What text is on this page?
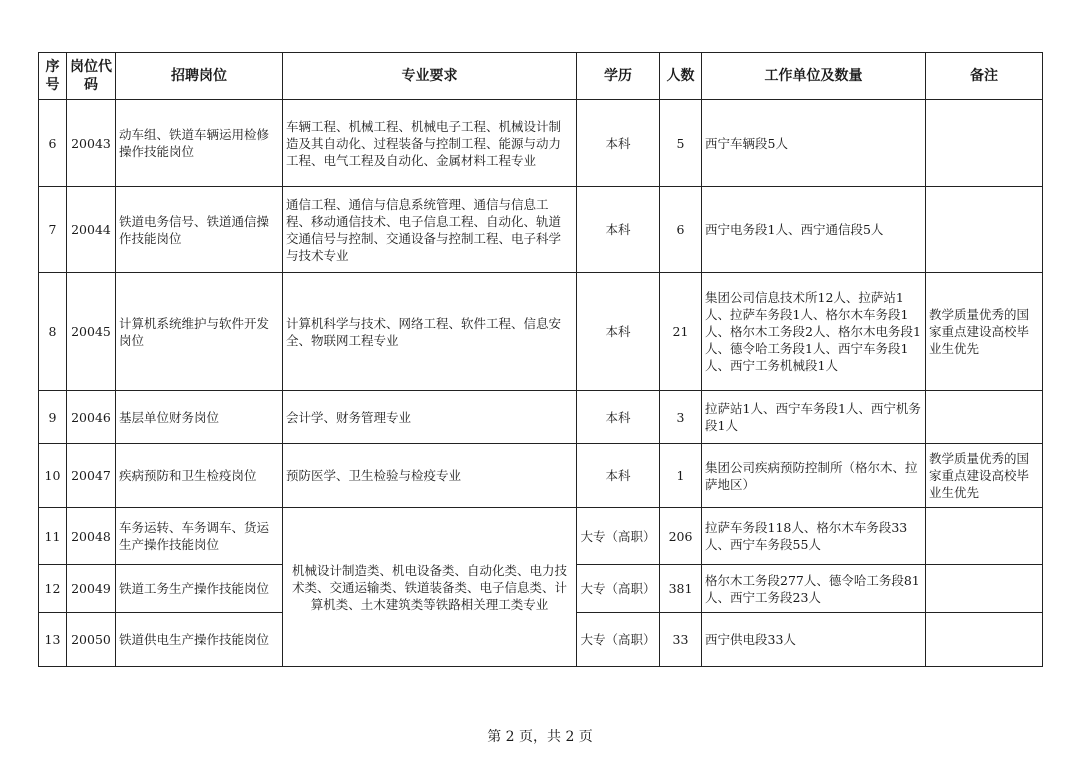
序号	岗位代码	招聘岗位	专业要求	学历	人数	工作单位及数量	备注
6	20043	动车组、铁道车辆运用检修操作技能岗位	车辆工程、机械工程、机械电子工程、机械设计制造及其自动化、过程装备与控制工程、能源与动力工程、电气工程及自动化、金属材料工程专业	本科	5	西宁车辆段5人	
7	20044	铁道电务信号、铁道通信操作技能岗位	通信工程、通信与信息系统管理、通信与信息工程、移动通信技术、电子信息工程、自动化、轨道交通信号与控制、交通设备与控制工程、电子科学与技术专业	本科	6	西宁电务段1人、西宁通信段5人	
8	20045	计算机系统维护与软件开发岗位	计算机科学与技术、网络工程、软件工程、信息安全、物联网工程专业	本科	21	集团公司信息技术所12人、拉萨站1人、拉萨车务段1人、格尔木车务段1人、格尔木工务段2人、格尔木电务段1人、德令哈工务段1人、西宁车务段1人、西宁工务机械段1人	教学质量优秀的国家重点建设高校毕业生优先
9	20046	基层单位财务岗位	会计学、财务管理专业	本科	3	拉萨站1人、西宁车务段1人、西宁机务段1人	
10	20047	疾病预防和卫生检疫岗位	预防医学、卫生检验与检疫专业	本科	1	集团公司疾病预防控制所（格尔木、拉萨地区）	教学质量优秀的国家重点建设高校毕业生优先
11	20048	车务运转、车务调车、货运生产操作技能岗位	机械设计制造类、机电设备类、自动化类、电力技术类、交通运输类、铁道装备类、电子信息类、计算机类、土木建筑类等铁路相关理工类专业	大专（高职）	206	拉萨车务段118人、格尔木车务段33人、西宁车务段55人	
12	20049	铁道工务生产操作技能岗位		大专（高职）	381	格尔木工务段277人、德令哈工务段81人、西宁工务段23人	
13	20050	铁道供电生产操作技能岗位		大专（高职）	33	西宁供电段33人	
第 2 页，共 2 页
